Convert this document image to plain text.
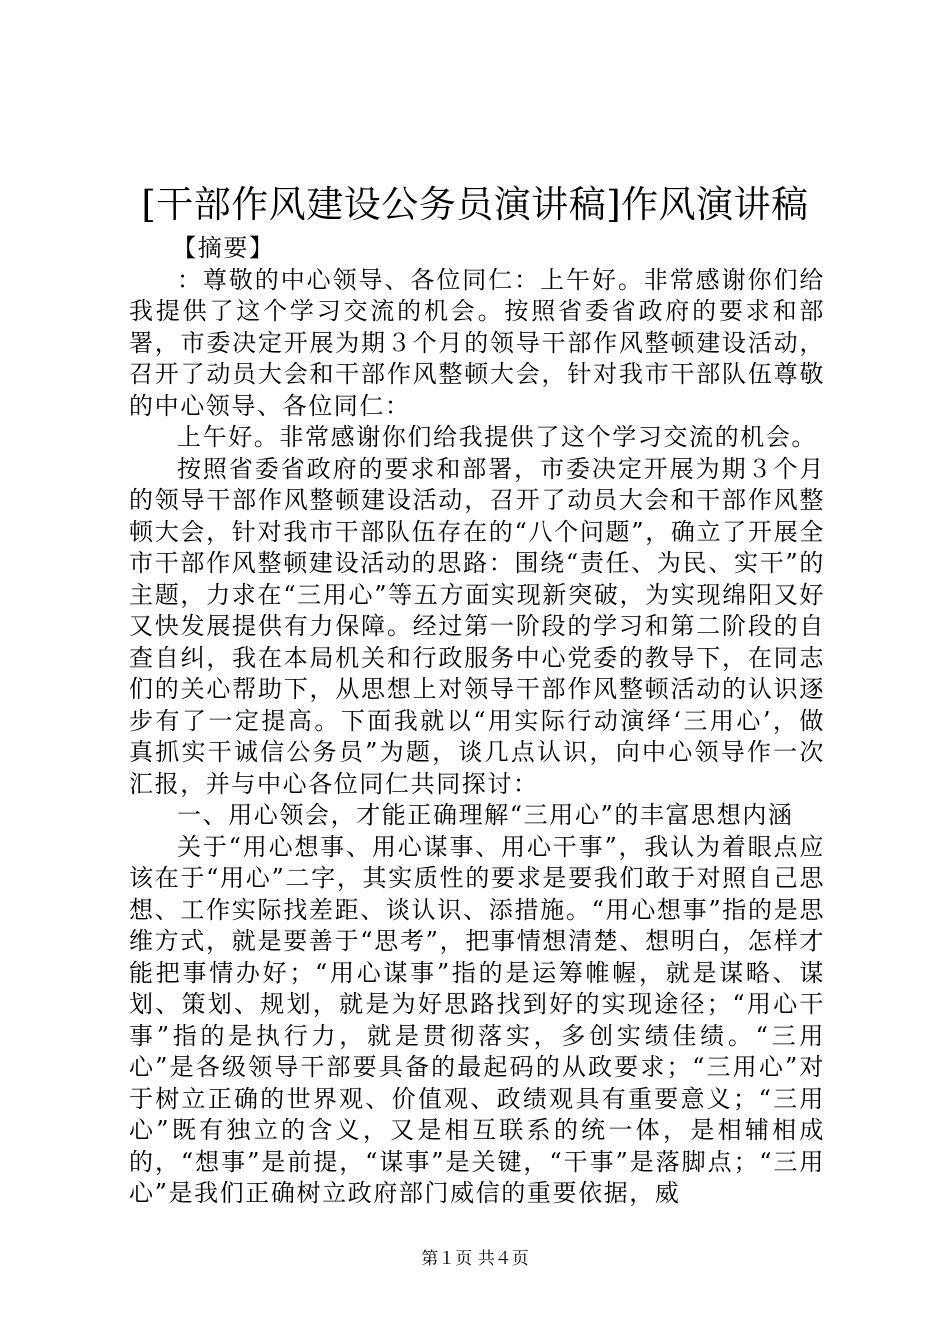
[干部作风建设公务员演讲稿]作风演讲稿

【摘要】

：尊敬的中心领导、各位同仁：上午好。非常感谢你们给我提供了这个学习交流的机会。按照省委省政府的要求和部署，市委决定开展为期３个月的领导干部作风整顿建设活动，召开了动员大会和干部作风整顿大会，针对我市干部队伍尊敬的中心领导、各位同仁：

上午好。非常感谢你们给我提供了这个学习交流的机会。

按照省委省政府的要求和部署，市委决定开展为期３个月的领导干部作风整顿建设活动，召开了动员大会和干部作风整顿大会，针对我市干部队伍存在的“八个问题”，确立了开展全市干部作风整顿建设活动的思路：围绕“责任、为民、实干”的主题，力求在“三用心”等五方面实现新突破，为实现绵阳又好又快发展提供有力保障。经过第一阶段的学习和第二阶段的自查自纠，我在本局机关和行政服务中心党委的教导下，在同志们的关心帮助下，从思想上对领导干部作风整顿活动的认识逐步有了一定提高。下面我就以“用实际行动演绎‘三用心’，做真抓实干诚信公务员”为题，谈几点认识，向中心领导作一次汇报，并与中心各位同仁共同探讨：

一、用心领会，才能正确理解“三用心”的丰富思想内涵

关于“用心想事、用心谋事、用心干事”，我认为着眼点应该在于“用心”二字，其实质性的要求是要我们敢于对照自己思想、工作实际找差距、谈认识、添措施。“用心想事”指的是思维方式，就是要善于“思考”，把事情想清楚、想明白，怎样才能把事情办好；“用心谋事”指的是运筹帷幄，就是谋略、谋划、策划、规划，就是为好思路找到好的实现途径；“用心干事”指的是执行力，就是贯彻落实，多创实绩佳绩。“三用心”是各级领导干部要具备的最起码的从政要求；“三用心”对于树立正确的世界观、价值观、政绩观具有重要意义；“三用心”既有独立的含义，又是相互联系的统一体，是相辅相成的，“想事”是前提，“谋事”是关键，“干事”是落脚点；“三用心”是我们正确树立政府部门威信的重要依据，威

第１页 共４页
